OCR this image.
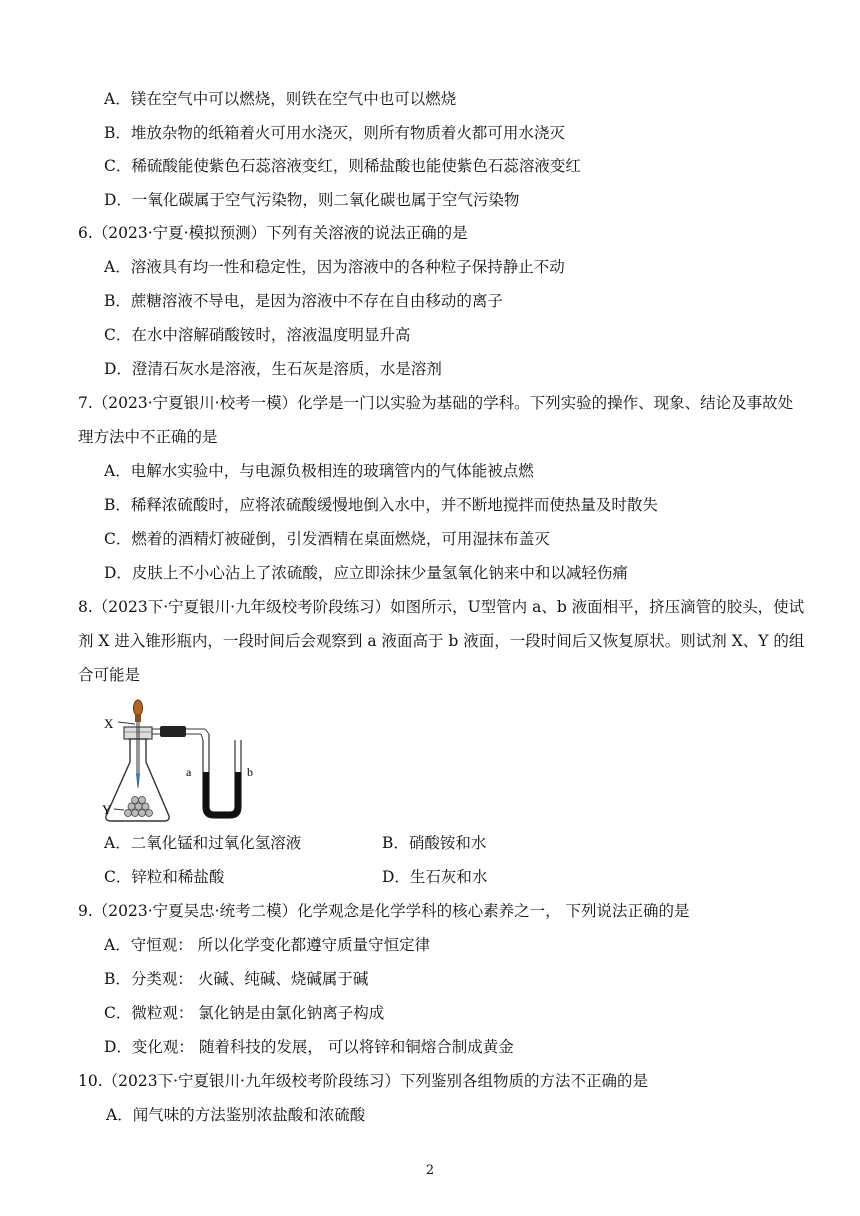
A．镁在空气中可以燃烧，则铁在空气中也可以燃烧
B．堆放杂物的纸箱着火可用水浇灭，则所有物质着火都可用水浇灭
C．稀硫酸能使紫色石蕊溶液变红，则稀盐酸也能使紫色石蕊溶液变红
D．一氧化碳属于空气污染物，则二氧化碳也属于空气污染物
6.（2023·宁夏·模拟预测）下列有关溶液的说法正确的是
A．溶液具有均一性和稳定性，因为溶液中的各种粒子保持静止不动
B．蔗糖溶液不导电，是因为溶液中不存在自由移动的离子
C．在水中溶解硝酸铵时，溶液温度明显升高
D．澄清石灰水是溶液，生石灰是溶质，水是溶剂
7.（2023·宁夏银川·校考一模）化学是一门以实验为基础的学科。下列实验的操作、现象、结论及事故处
理方法中不正确的是
A．电解水实验中，与电源负极相连的玻璃管内的气体能被点燃
B．稀释浓硫酸时，应将浓硫酸缓慢地倒入水中，并不断地搅拌而使热量及时散失
C．燃着的酒精灯被碰倒，引发酒精在桌面燃烧，可用湿抹布盖灭
D．皮肤上不小心沾上了浓硫酸，应立即涂抹少量氢氧化钠来中和以减轻伤痛
8.（2023下·宁夏银川·九年级校考阶段练习）如图所示，U型管内 a、b 液面相平，挤压滴管的胶头，使试
剂 X 进入锥形瓶内，一段时间后会观察到 a 液面高于 b 液面，一段时间后又恢复原状。则试剂 X、Y 的组
合可能是
X
Y
a	b
A．二氧化锰和过氧化氢溶液	B．硝酸铵和水
C．锌粒和稀盐酸	D．生石灰和水
9.（2023·宁夏吴忠·统考二模）化学观念是化学学科的核心素养之一， 下列说法正确的是
A．守恒观： 所以化学变化都遵守质量守恒定律
B．分类观： 火碱、纯碱、烧碱属于碱
C．微粒观： 氯化钠是由氯化钠离子构成
D．变化观： 随着科技的发展， 可以将锌和铜熔合制成黄金
10.（2023下·宁夏银川·九年级校考阶段练习）下列鉴别各组物质的方法不正确的是
A．闻气味的方法鉴别浓盐酸和浓硫酸
2
